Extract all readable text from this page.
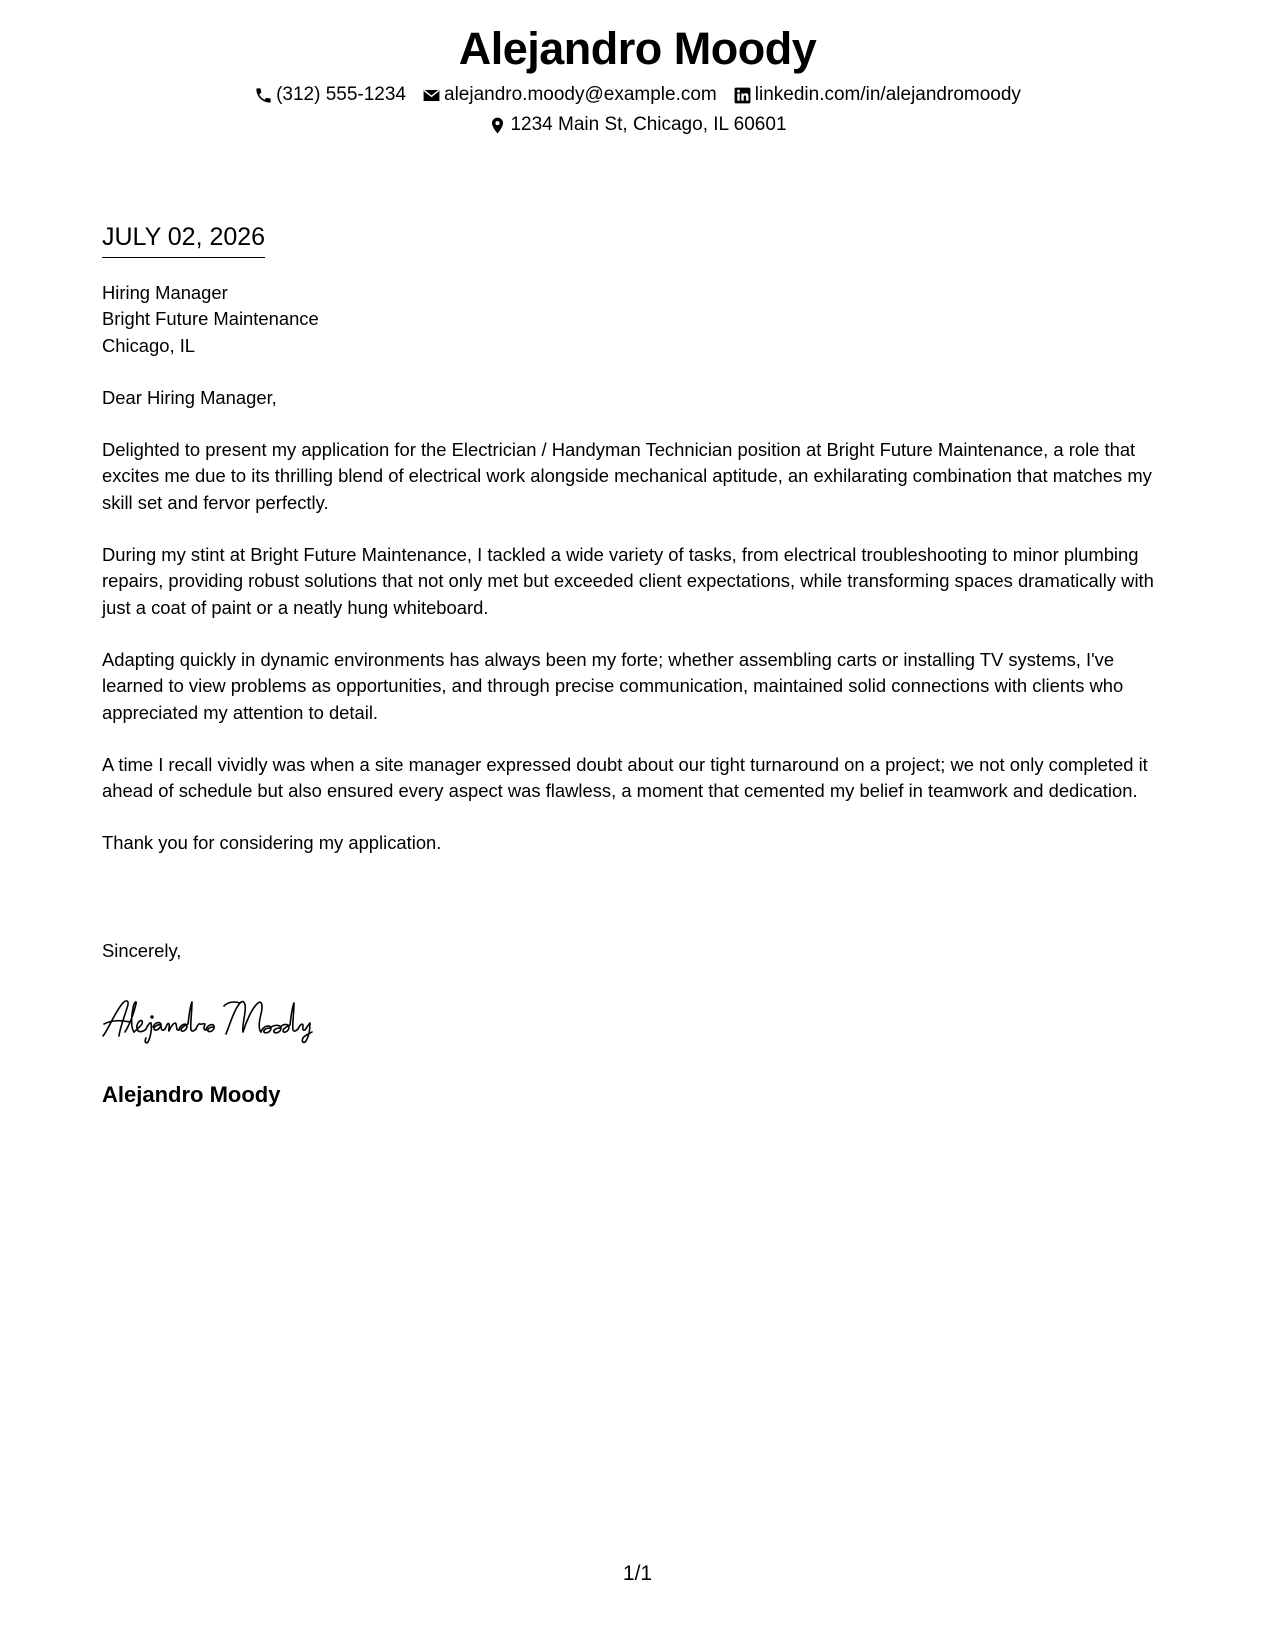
Alejandro Moody
(312) 555-1234 alejandro.moody@example.com linkedin.com/in/alejandromoody
1234 Main St, Chicago, IL 60601
JULY 02, 2026
Hiring Manager
Bright Future Maintenance
Chicago, IL

Dear Hiring Manager,

Delighted to present my application for the Electrician / Handyman Technician position at Bright Future Maintenance, a role that excites me due to its thrilling blend of electrical work alongside mechanical aptitude, an exhilarating combination that matches my skill set and fervor perfectly.

During my stint at Bright Future Maintenance, I tackled a wide variety of tasks, from electrical troubleshooting to minor plumbing repairs, providing robust solutions that not only met but exceeded client expectations, while transforming spaces dramatically with just a coat of paint or a neatly hung whiteboard.

Adapting quickly in dynamic environments has always been my forte; whether assembling carts or installing TV systems, I've learned to view problems as opportunities, and through precise communication, maintained solid connections with clients who appreciated my attention to detail.

A time I recall vividly was when a site manager expressed doubt about our tight turnaround on a project; we not only completed it ahead of schedule but also ensured every aspect was flawless, a moment that cemented my belief in teamwork and dedication.

Thank you for considering my application.

Sincerely,
Alejandro Moody
1/1
